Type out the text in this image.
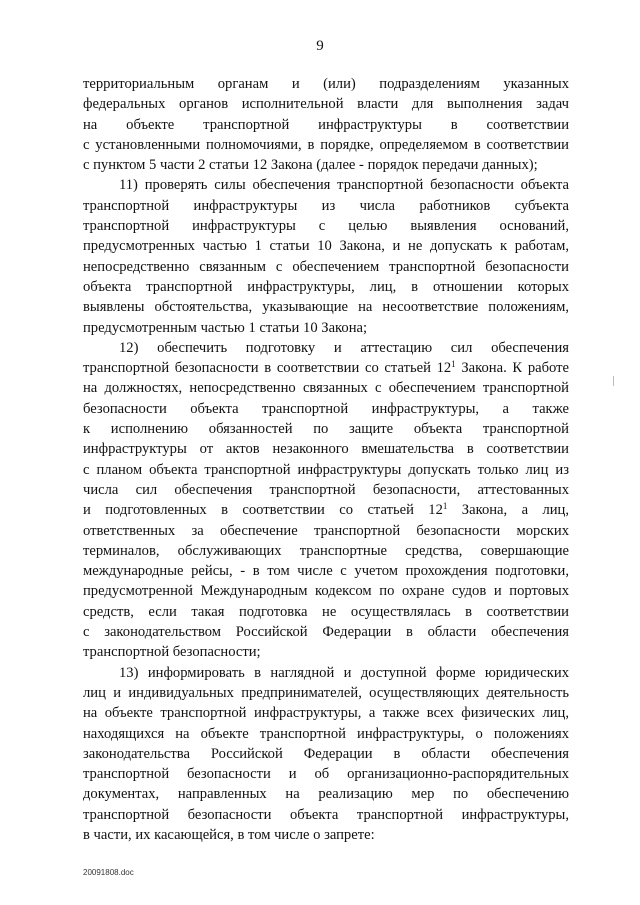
9
территориальным органам и (или) подразделениям указанных
федеральных органов исполнительной власти для выполнения задач
на объекте транспортной инфраструктуры в соответствии
с установленными полномочиями, в порядке, определяемом в соответствии
с пунктом 5 части 2 статьи 12 Закона (далее - порядок передачи данных);
11) проверять силы обеспечения транспортной безопасности объекта
транспортной инфраструктуры из числа работников субъекта
транспортной инфраструктуры с целью выявления оснований,
предусмотренных частью 1 статьи 10 Закона, и не допускать к работам,
непосредственно связанным с обеспечением транспортной безопасности
объекта транспортной инфраструктуры, лиц, в отношении которых
выявлены обстоятельства, указывающие на несоответствие положениям,
предусмотренным частью 1 статьи 10 Закона;
12) обеспечить подготовку и аттестацию сил обеспечения
транспортной безопасности в соответствии со статьей $12^1$ Закона. К работе
на должностях, непосредственно связанных с обеспечением транспортной
безопасности объекта транспортной инфраструктуры, а также
к исполнению обязанностей по защите объекта транспортной
инфраструктуры от актов незаконного вмешательства в соответствии
с планом объекта транспортной инфраструктуры допускать только лиц из
числа сил обеспечения транспортной безопасности, аттестованных
и подготовленных в соответствии со статьей $12^1$ Закона, а лиц,
ответственных за обеспечение транспортной безопасности морских
терминалов, обслуживающих транспортные средства, совершающие
международные рейсы, - в том числе с учетом прохождения подготовки,
предусмотренной Международным кодексом по охране судов и портовых
средств, если такая подготовка не осуществлялась в соответствии
с законодательством Российской Федерации в области обеспечения
транспортной безопасности;
13) информировать в наглядной и доступной форме юридических
лиц и индивидуальных предпринимателей, осуществляющих деятельность
на объекте транспортной инфраструктуры, а также всех физических лиц,
находящихся на объекте транспортной инфраструктуры, о положениях
законодательства Российской Федерации в области обеспечения
транспортной безопасности и об организационно-распорядительных
документах, направленных на реализацию мер по обеспечению
транспортной безопасности объекта транспортной инфраструктуры,
в части, их касающейся, в том числе о запрете:
20091808.doc
